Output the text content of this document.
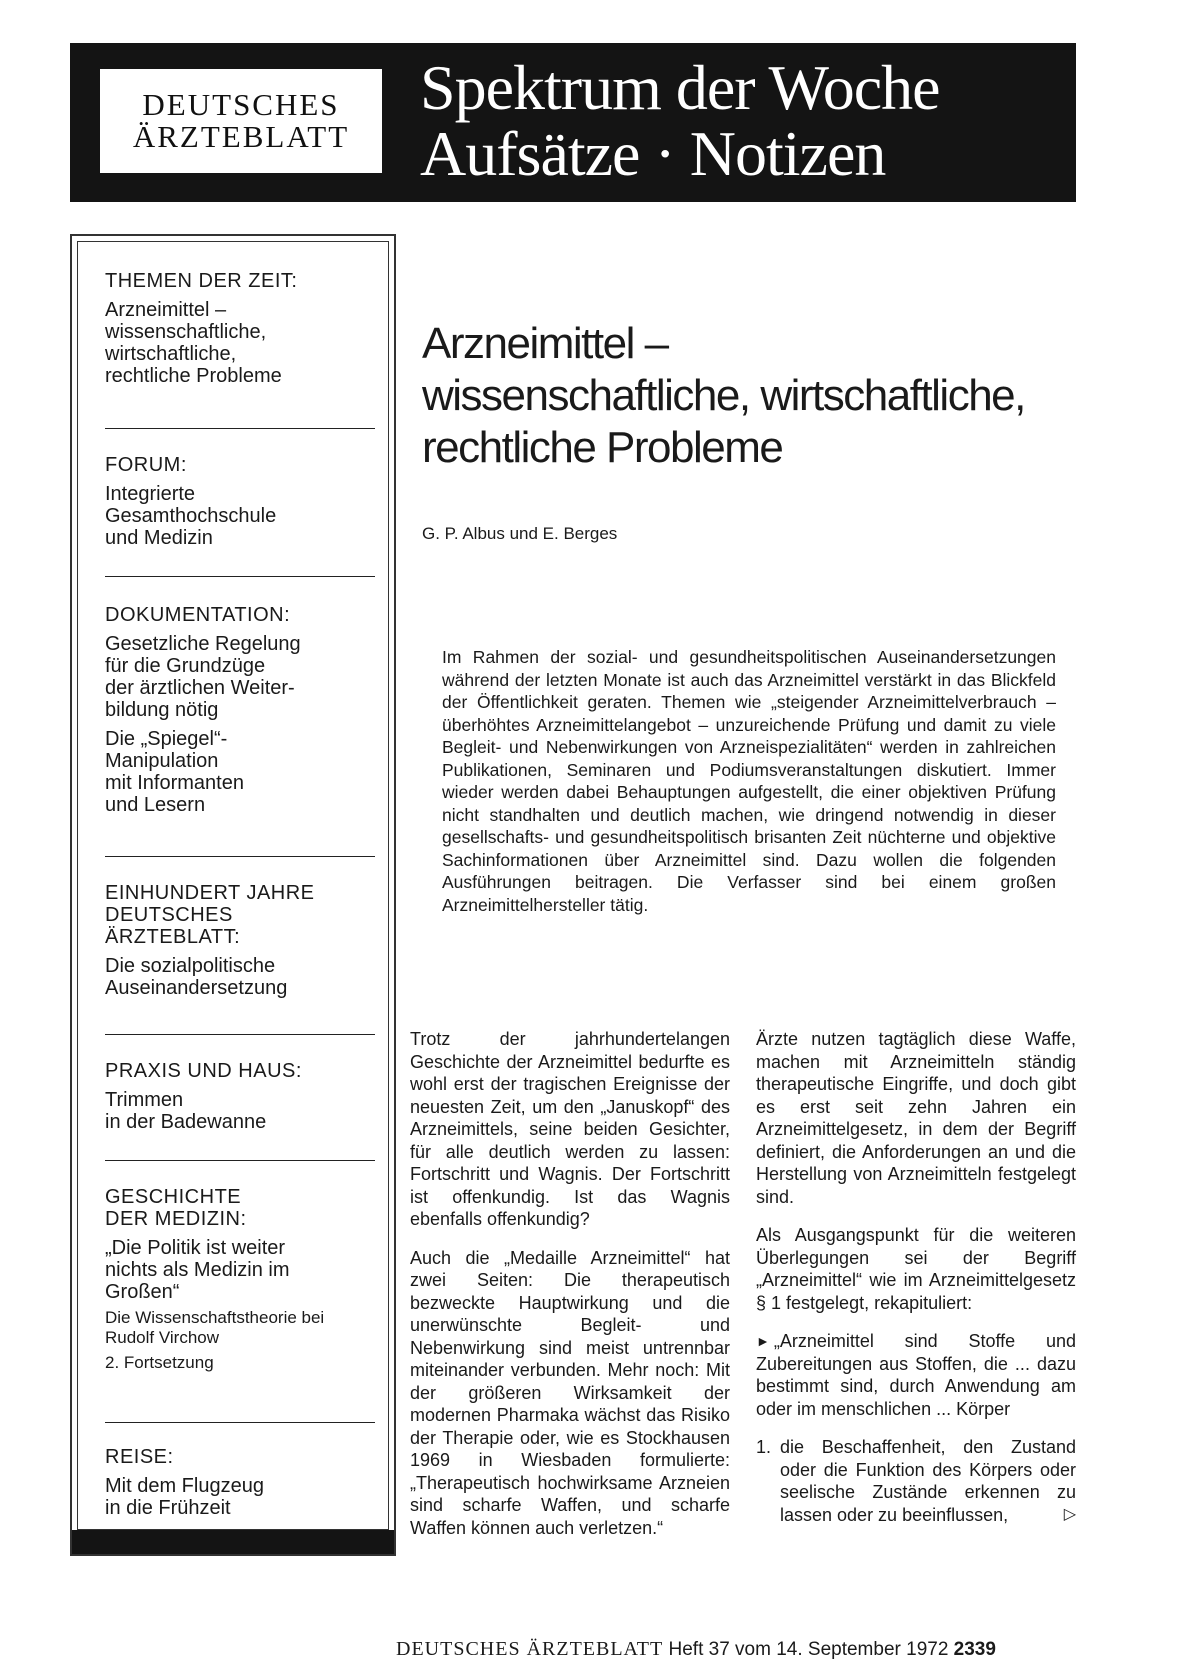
DEUTSCHES
ÄRZTEBLATT
Spektrum der Woche
Aufsätze · Notizen
THEMEN DER ZEIT:
Arzneimittel –
wissenschaftliche,
wirtschaftliche,
rechtliche Probleme
FORUM:
Integrierte
Gesamthochschule
und Medizin
DOKUMENTATION:
Gesetzliche Regelung
für die Grundzüge
der ärztlichen Weiter-
bildung nötig
Die „Spiegel“-
Manipulation
mit Informanten
und Lesern
EINHUNDERT JAHRE
DEUTSCHES
ÄRZTEBLATT:
Die sozialpolitische
Auseinandersetzung
PRAXIS UND HAUS:
Trimmen
in der Badewanne
GESCHICHTE
DER MEDIZIN:
„Die Politik ist weiter
nichts als Medizin im
Großen“
Die Wissenschaftstheorie bei
Rudolf Virchow
2. Fortsetzung
REISE:
Mit dem Flugzeug
in die Frühzeit
Arzneimittel –
wissenschaftliche, wirtschaftliche,
rechtliche Probleme
G. P. Albus und E. Berges
Im Rahmen der sozial- und gesundheitspolitischen Auseinandersetzungen während der letzten Monate ist auch das Arzneimittel verstärkt in das Blickfeld der Öffentlichkeit geraten. Themen wie „steigender Arzneimittelverbrauch – überhöhtes Arzneimittelangebot – unzureichende Prüfung und damit zu viele Begleit- und Nebenwirkungen von Arzneispezialitäten“ werden in zahlreichen Publikationen, Seminaren und Podiumsveranstaltungen diskutiert. Immer wieder werden dabei Behauptungen aufgestellt, die einer objektiven Prüfung nicht standhalten und deutlich machen, wie dringend notwendig in dieser gesellschafts- und gesundheitspolitisch brisanten Zeit nüchterne und objektive Sachinformationen über Arzneimittel sind. Dazu wollen die folgenden Ausführungen beitragen. Die Verfasser sind bei einem großen Arzneimittelhersteller tätig.

Trotz der jahrhundertelangen Geschichte der Arzneimittel bedurfte es wohl erst der tragischen Ereignisse der neuesten Zeit, um den „Januskopf“ des Arzneimittels, seine beiden Gesichter, für alle deutlich werden zu lassen: Fortschritt und Wagnis. Der Fortschritt ist offenkundig. Ist das Wagnis ebenfalls offenkundig?

Auch die „Medaille Arzneimittel“ hat zwei Seiten: Die therapeutisch bezweckte Hauptwirkung und die unerwünschte Begleit- und Nebenwirkung sind meist untrennbar miteinander verbunden. Mehr noch: Mit der größeren Wirksamkeit der modernen Pharmaka wächst das Risiko der Therapie oder, wie es Stockhausen 1969 in Wiesbaden formulierte: „Therapeutisch hochwirksame Arzneien sind scharfe Waffen, und scharfe Waffen können auch verletzen.“

Ärzte nutzen tagtäglich diese Waffe, machen mit Arzneimitteln ständig therapeutische Eingriffe, und doch gibt es erst seit zehn Jahren ein Arzneimittelgesetz, in dem der Begriff definiert, die Anforderungen an und die Herstellung von Arzneimitteln festgelegt sind.

Als Ausgangspunkt für die weiteren Überlegungen sei der Begriff „Arzneimittel“ wie im Arzneimittelgesetz § 1 festgelegt, rekapituliert:

► „Arzneimittel sind Stoffe und Zubereitungen aus Stoffen, die ... dazu bestimmt sind, durch Anwendung am oder im menschlichen ... Körper
1. die Beschaffenheit, den Zustand oder die Funktion des Körpers oder seelische Zustände erkennen zu lassen oder zu beeinflussen,	▷
DEUTSCHES ÄRZTEBLATT Heft 37 vom 14. September 1972 2339
